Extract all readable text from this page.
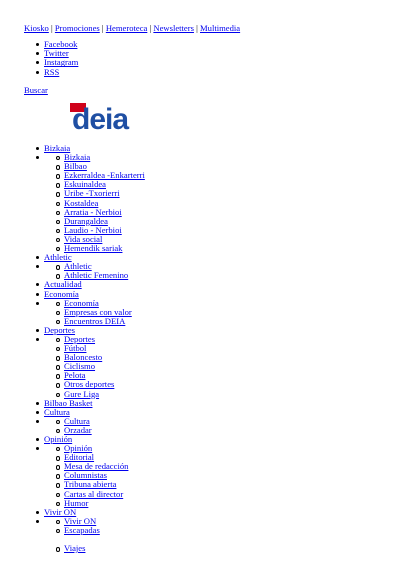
Kiosko | Promociones | Hemeroteca | Newsletters | Multimedia
Facebook
Twitter
Instagram
RSS
Buscar
deia
Bizkaia
Bizkaia
Bilbao
Ezkerraldea -Enkarterri
Eskuinaldea
Uribe -Txorierri
Kostaldea
Arratia - Nerbioi
Durangaldea
Laudio - Nerbioi
Vida social
Hemendik sariak
Athletic
Athletic
Athletic Femenino
Actualidad
Economía
Economía
Empresas con valor
Encuentros DEIA
Deportes
Deportes
Fútbol
Baloncesto
Ciclismo
Pelota
Otros deportes
Gure Liga
Bilbao Basket
Cultura
Cultura
Orzadar
Opinión
Opinión
Editorial
Mesa de redacción
Columnistas
Tribuna abierta
Cartas al director
Humor
Vivir ON
Vivir ON
Escapadas
Viajes
